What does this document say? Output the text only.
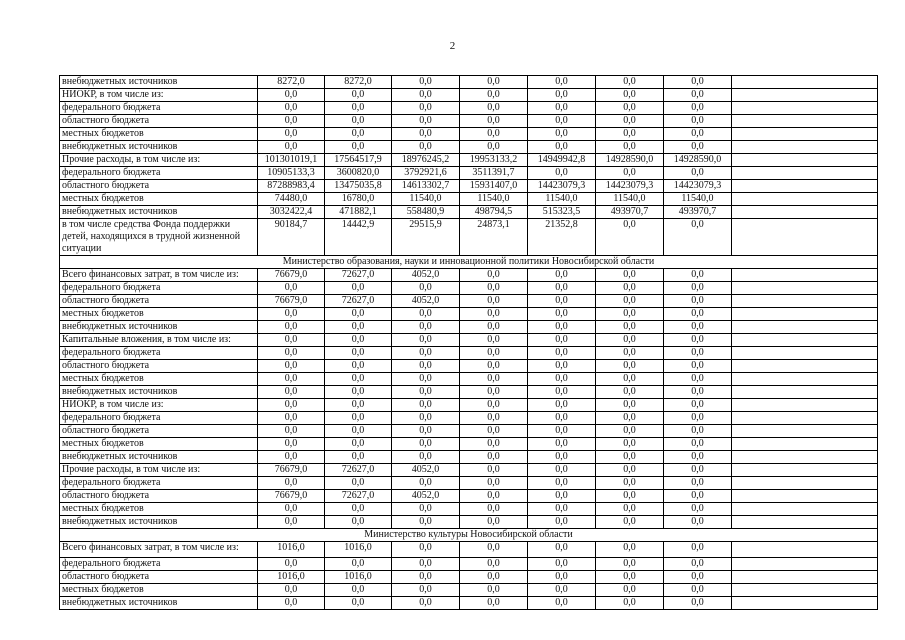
2
внебюджетных источников	8272,0	8272,0	0,0	0,0	0,0	0,0	0,0	
НИОКР, в том числе из:	0,0	0,0	0,0	0,0	0,0	0,0	0,0	
федерального бюджета	0,0	0,0	0,0	0,0	0,0	0,0	0,0	
областного бюджета	0,0	0,0	0,0	0,0	0,0	0,0	0,0	
местных бюджетов	0,0	0,0	0,0	0,0	0,0	0,0	0,0	
внебюджетных источников	0,0	0,0	0,0	0,0	0,0	0,0	0,0	
Прочие расходы, в том числе из:	101301019,1	17564517,9	18976245,2	19953133,2	14949942,8	14928590,0	14928590,0	
федерального бюджета	10905133,3	3600820,0	3792921,6	3511391,7	0,0	0,0	0,0	
областного бюджета	87288983,4	13475035,8	14613302,7	15931407,0	14423079,3	14423079,3	14423079,3	
местных бюджетов	74480,0	16780,0	11540,0	11540,0	11540,0	11540,0	11540,0	
внебюджетных источников	3032422,4	471882,1	558480,9	498794,5	515323,5	493970,7	493970,7	
в том числе средства Фонда поддержки детей, находящихся в трудной жизненной ситуации	90184,7	14442,9	29515,9	24873,1	21352,8	0,0	0,0	
Министерство образования, науки и инновационной политики Новосибирской области								
Всего финансовых затрат, в том числе из:	76679,0	72627,0	4052,0	0,0	0,0	0,0	0,0	
федерального бюджета	0,0	0,0	0,0	0,0	0,0	0,0	0,0	
областного бюджета	76679,0	72627,0	4052,0	0,0	0,0	0,0	0,0	
местных бюджетов	0,0	0,0	0,0	0,0	0,0	0,0	0,0	
внебюджетных источников	0,0	0,0	0,0	0,0	0,0	0,0	0,0	
Капитальные вложения, в том числе из:	0,0	0,0	0,0	0,0	0,0	0,0	0,0	
федерального бюджета	0,0	0,0	0,0	0,0	0,0	0,0	0,0	
областного бюджета	0,0	0,0	0,0	0,0	0,0	0,0	0,0	
местных бюджетов	0,0	0,0	0,0	0,0	0,0	0,0	0,0	
внебюджетных источников	0,0	0,0	0,0	0,0	0,0	0,0	0,0	
НИОКР, в том числе из:	0,0	0,0	0,0	0,0	0,0	0,0	0,0	
федерального бюджета	0,0	0,0	0,0	0,0	0,0	0,0	0,0	
областного бюджета	0,0	0,0	0,0	0,0	0,0	0,0	0,0	
местных бюджетов	0,0	0,0	0,0	0,0	0,0	0,0	0,0	
внебюджетных источников	0,0	0,0	0,0	0,0	0,0	0,0	0,0	
Прочие расходы, в том числе из:	76679,0	72627,0	4052,0	0,0	0,0	0,0	0,0	
федерального бюджета	0,0	0,0	0,0	0,0	0,0	0,0	0,0	
областного бюджета	76679,0	72627,0	4052,0	0,0	0,0	0,0	0,0	
местных бюджетов	0,0	0,0	0,0	0,0	0,0	0,0	0,0	
внебюджетных источников	0,0	0,0	0,0	0,0	0,0	0,0	0,0	
Министерство культуры Новосибирской области								
Всего финансовых затрат, в том числе из:	1016,0	1016,0	0,0	0,0	0,0	0,0	0,0	
федерального бюджета	0,0	0,0	0,0	0,0	0,0	0,0	0,0	
областного бюджета	1016,0	1016,0	0,0	0,0	0,0	0,0	0,0	
местных бюджетов	0,0	0,0	0,0	0,0	0,0	0,0	0,0	
внебюджетных источников	0,0	0,0	0,0	0,0	0,0	0,0	0,0	
